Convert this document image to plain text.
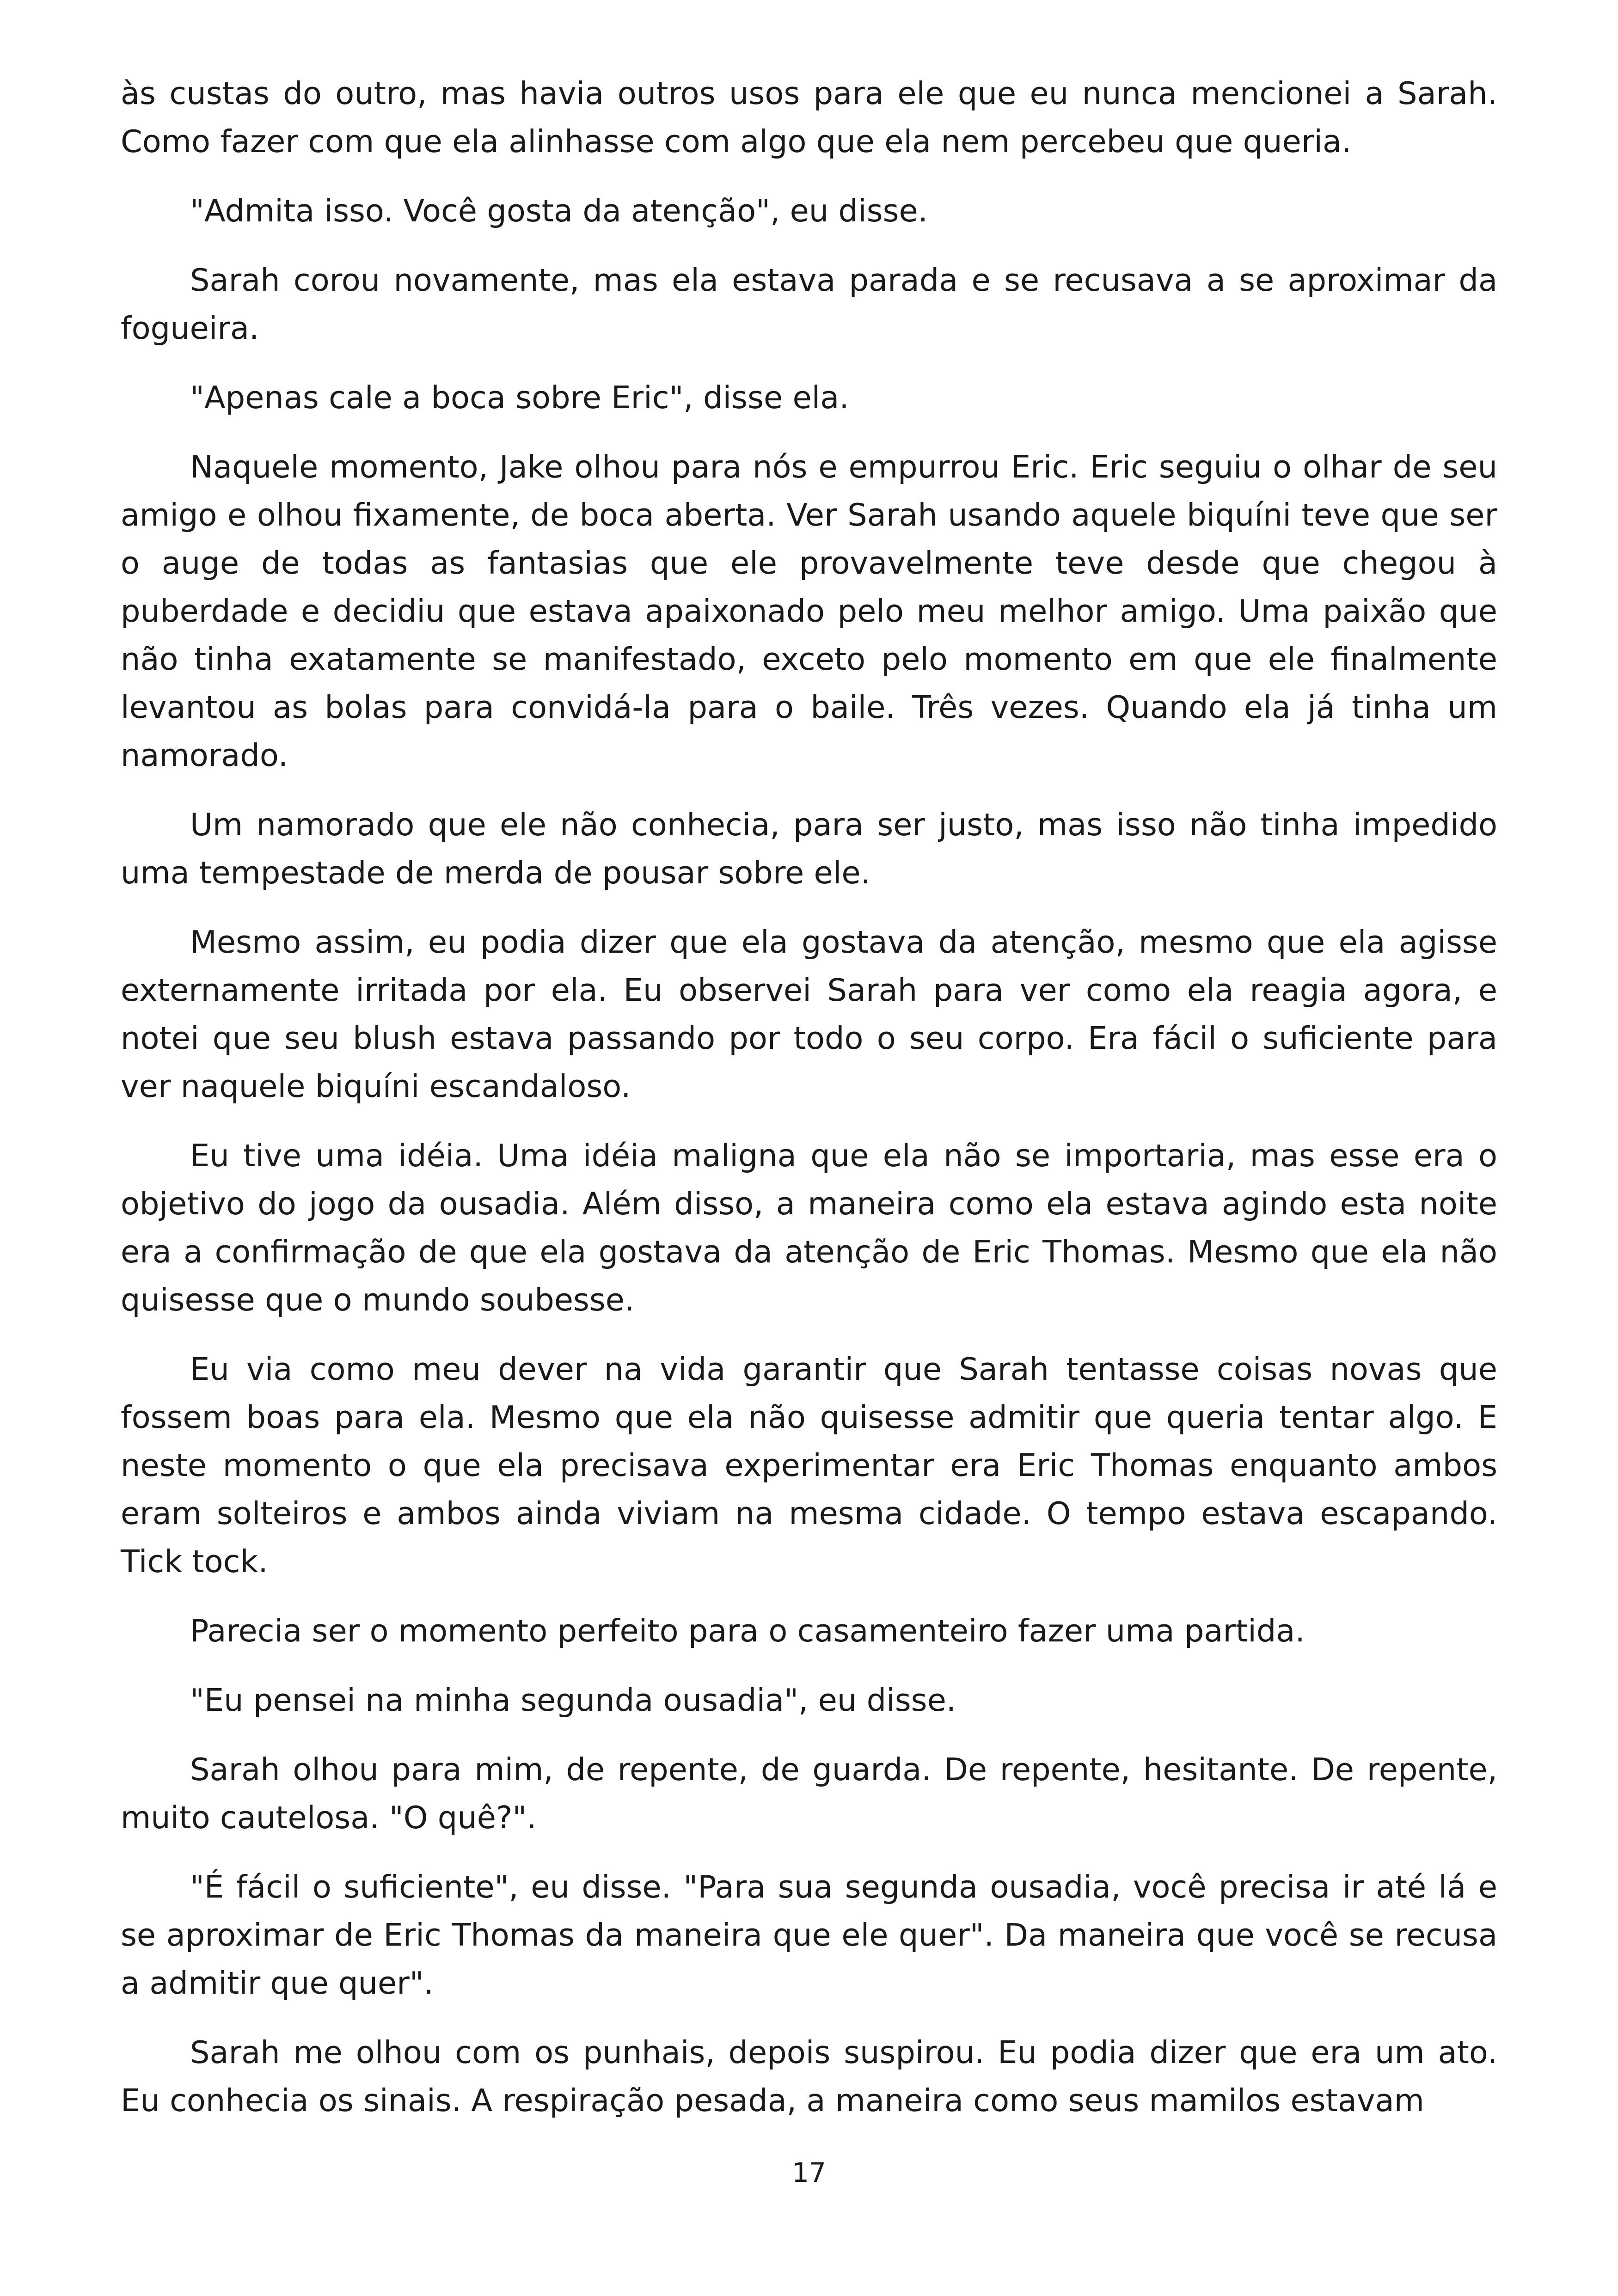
às custas do outro, mas havia outros usos para ele que eu nunca mencionei a Sarah. Como fazer com que ela alinhasse com algo que ela nem percebeu que queria.

"Admita isso. Você gosta da atenção", eu disse.

Sarah corou novamente, mas ela estava parada e se recusava a se aproximar da fogueira.

"Apenas cale a boca sobre Eric", disse ela.

Naquele momento, Jake olhou para nós e empurrou Eric. Eric seguiu o olhar de seu amigo e olhou fixamente, de boca aberta. Ver Sarah usando aquele biquíni teve que ser o auge de todas as fantasias que ele provavelmente teve desde que chegou à puberdade e decidiu que estava apaixonado pelo meu melhor amigo. Uma paixão que não tinha exatamente se manifestado, exceto pelo momento em que ele finalmente levantou as bolas para convidá-la para o baile. Três vezes. Quando ela já tinha um namorado.

Um namorado que ele não conhecia, para ser justo, mas isso não tinha impedido uma tempestade de merda de pousar sobre ele.

Mesmo assim, eu podia dizer que ela gostava da atenção, mesmo que ela agisse externamente irritada por ela. Eu observei Sarah para ver como ela reagia agora, e notei que seu blush estava passando por todo o seu corpo. Era fácil o suficiente para ver naquele biquíni escandaloso.

Eu tive uma idéia. Uma idéia maligna que ela não se importaria, mas esse era o objetivo do jogo da ousadia. Além disso, a maneira como ela estava agindo esta noite era a confirmação de que ela gostava da atenção de Eric Thomas. Mesmo que ela não quisesse que o mundo soubesse.

Eu via como meu dever na vida garantir que Sarah tentasse coisas novas que fossem boas para ela. Mesmo que ela não quisesse admitir que queria tentar algo. E neste momento o que ela precisava experimentar era Eric Thomas enquanto ambos eram solteiros e ambos ainda viviam na mesma cidade. O tempo estava escapando. Tick tock.

Parecia ser o momento perfeito para o casamenteiro fazer uma partida.

"Eu pensei na minha segunda ousadia", eu disse.

Sarah olhou para mim, de repente, de guarda. De repente, hesitante. De repente, muito cautelosa. "O quê?".

"É fácil o suficiente", eu disse. "Para sua segunda ousadia, você precisa ir até lá e se aproximar de Eric Thomas da maneira que ele quer". Da maneira que você se recusa a admitir que quer".

Sarah me olhou com os punhais, depois suspirou. Eu podia dizer que era um ato. Eu conhecia os sinais. A respiração pesada, a maneira como seus mamilos estavam

17
